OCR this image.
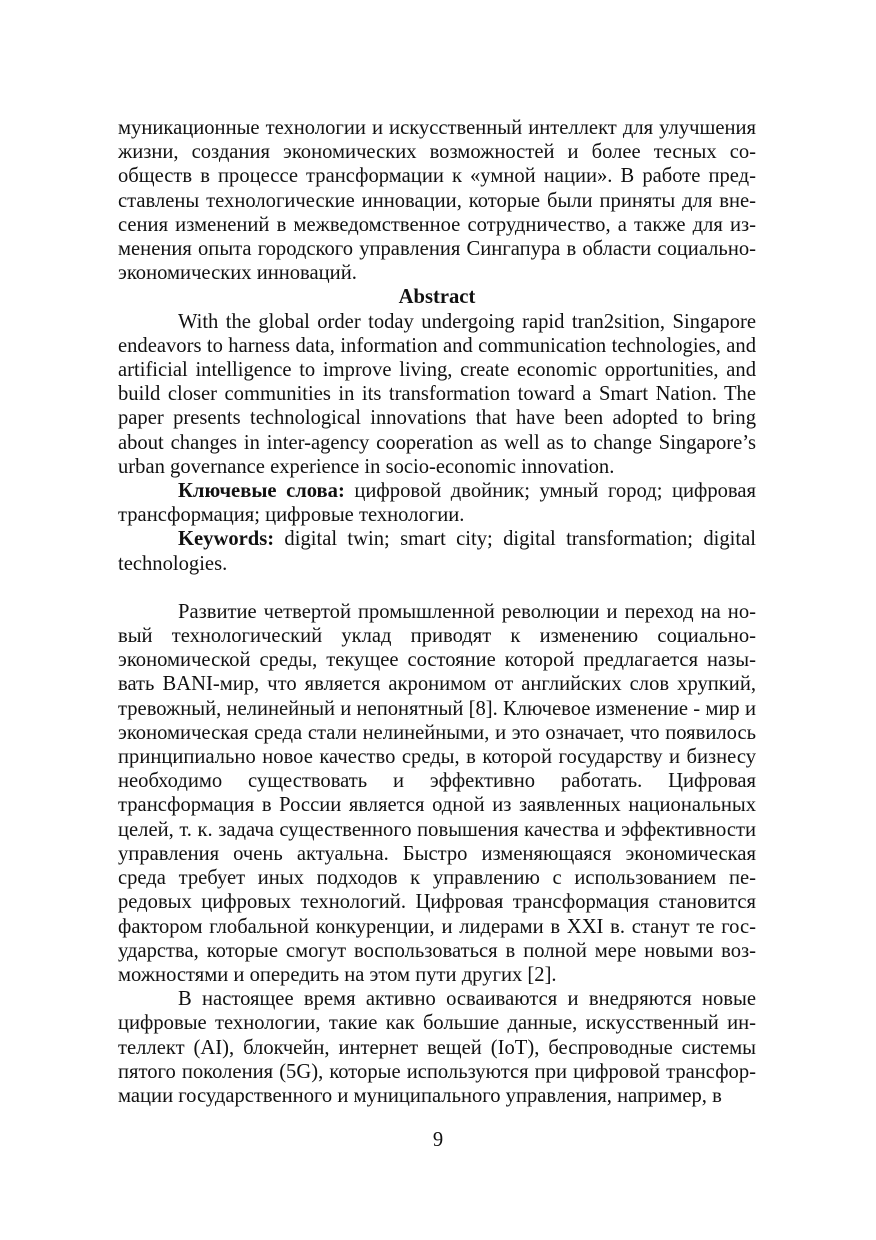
муникационные технологии и искусственный интеллект для улучшения жизни, создания экономических возможностей и более тесных сообществ в процессе трансформации к «умной нации». В работе представлены технологические инновации, которые были приняты для внесения изменений в межведомственное сотрудничество, а также для изменения опыта городского управления Сингапура в области социально-экономических инноваций.

Abstract

With the global order today undergoing rapid tran2sition, Singapore endeavors to harness data, information and communication technologies, and artificial intelligence to improve living, create economic opportunities, and build closer communities in its transformation toward a Smart Nation. The paper presents technological innovations that have been adopted to bring about changes in inter-agency cooperation as well as to change Singapore’s urban governance experience in socio-economic innovation.

Ключевые слова: цифровой двойник; умный город; цифровая трансформация; цифровые технологии.

Keywords: digital twin; smart city; digital transformation; digital technologies.

Развитие четвертой промышленной революции и переход на новый технологический уклад приводят к изменению социально-экономической среды, текущее состояние которой предлагается называть BANI-мир, что является акронимом от английских слов хрупкий, тревожный, нелинейный и непонятный [8]. Ключевое изменение - мир и экономическая среда стали нелинейными, и это означает, что появилось принципиально новое качество среды, в которой государству и бизнесу необходимо существовать и эффективно работать. Цифровая трансформация в России является одной из заявленных национальных целей, т. к. задача существенного повышения качества и эффективности управления очень актуальна. Быстро изменяющаяся экономическая среда требует иных подходов к управлению с использованием передовых цифровых технологий. Цифровая трансформация становится фактором глобальной конкуренции, и лидерами в XXI в. станут те государства, которые смогут воспользоваться в полной мере новыми возможностями и опередить на этом пути других [2].

В настоящее время активно осваиваются и внедряются новые цифровые технологии, такие как большие данные, искусственный интеллект (AI), блокчейн, интернет вещей (IoT), беспроводные системы пятого поколения (5G), которые используются при цифровой трансформации государственного и муниципального управления, например, в

9
